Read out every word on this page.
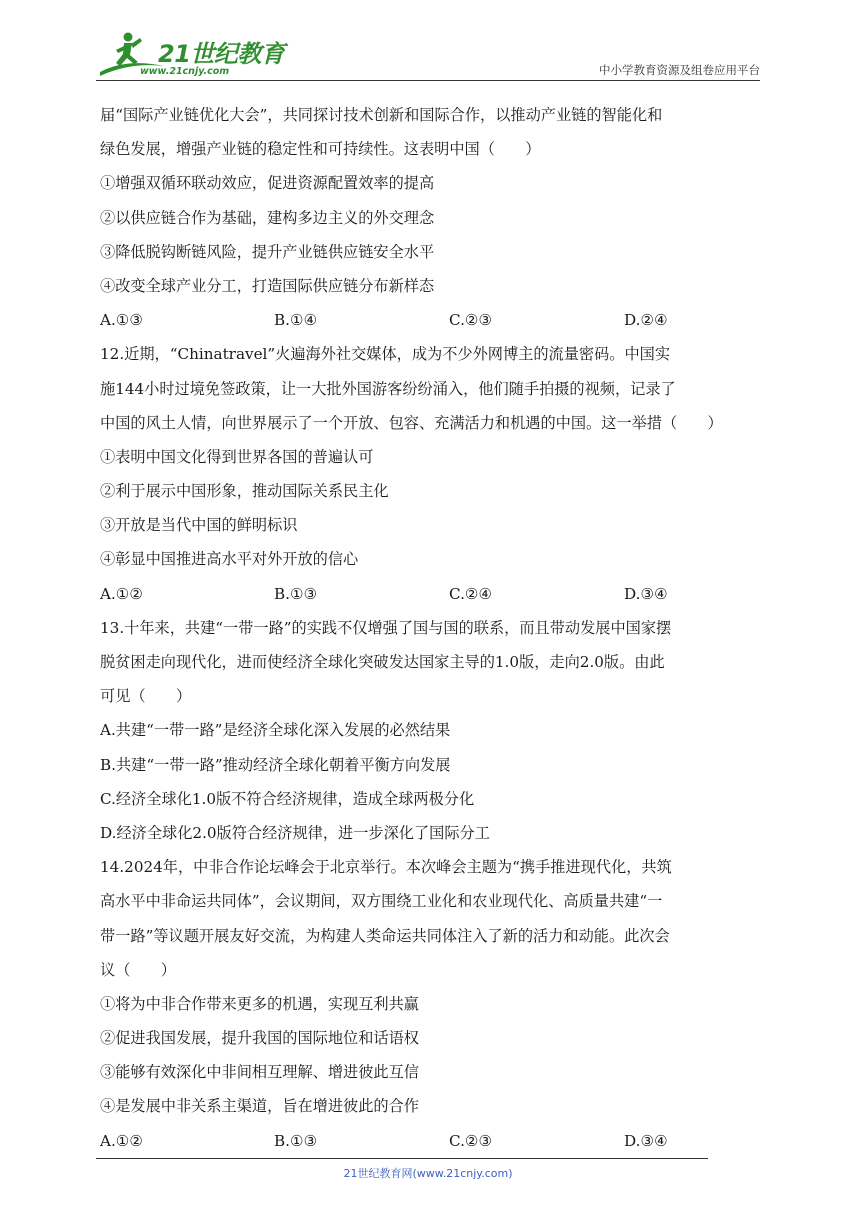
21世纪教育
www.21cnjy.com	中小学教育资源及组卷应用平台
届“国际产业链优化大会”，共同探讨技术创新和国际合作，以推动产业链的智能化和
绿色发展，增强产业链的稳定性和可持续性。这表明中国（　　）
①增强双循环联动效应，促进资源配置效率的提高
②以供应链合作为基础，建构多边主义的外交理念
③降低脱钩断链风险，提升产业链供应链安全水平
④改变全球产业分工，打造国际供应链分布新样态
A.①③	B.①④	C.②③	D.②④
12.近期，“Chinatravel”火遍海外社交媒体，成为不少外网博主的流量密码。中国实
施144小时过境免签政策，让一大批外国游客纷纷涌入，他们随手拍摄的视频，记录了
中国的风土人情，向世界展示了一个开放、包容、充满活力和机遇的中国。这一举措（　　）
①表明中国文化得到世界各国的普遍认可
②利于展示中国形象，推动国际关系民主化
③开放是当代中国的鲜明标识
④彰显中国推进高水平对外开放的信心
A.①②	B.①③	C.②④	D.③④
13.十年来，共建“一带一路”的实践不仅增强了国与国的联系，而且带动发展中国家摆
脱贫困走向现代化，进而使经济全球化突破发达国家主导的1.0版，走向2.0版。由此
可见（　　）
A.共建“一带一路”是经济全球化深入发展的必然结果
B.共建“一带一路”推动经济全球化朝着平衡方向发展
C.经济全球化1.0版不符合经济规律，造成全球两极分化
D.经济全球化2.0版符合经济规律，进一步深化了国际分工
14.2024年，中非合作论坛峰会于北京举行。本次峰会主题为“携手推进现代化，共筑
高水平中非命运共同体”，会议期间，双方围绕工业化和农业现代化、高质量共建“一
带一路”等议题开展友好交流，为构建人类命运共同体注入了新的活力和动能。此次会
议（　　）
①将为中非合作带来更多的机遇，实现互利共赢
②促进我国发展，提升我国的国际地位和话语权
③能够有效深化中非间相互理解、增进彼此互信
④是发展中非关系主渠道，旨在增进彼此的合作
A.①②	B.①③	C.②③	D.③④
21世纪教育网(www.21cnjy.com)
